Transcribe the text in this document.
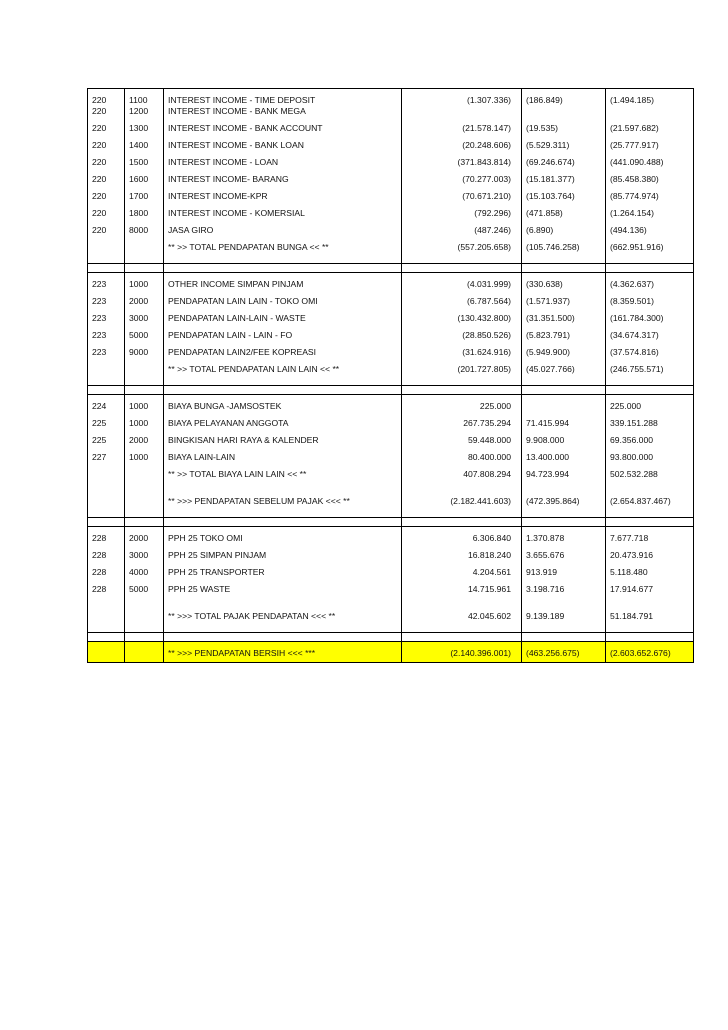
220	1100	INTEREST INCOME - TIME DEPOSIT	(1.307.336)	(186.849)	(1.494.185)
220	1200	INTEREST INCOME - BANK MEGA			
220	1300	INTEREST INCOME - BANK ACCOUNT	(21.578.147)	(19.535)	(21.597.682)
220	1400	INTEREST INCOME - BANK LOAN	(20.248.606)	(5.529.311)	(25.777.917)
220	1500	INTEREST INCOME - LOAN	(371.843.814)	(69.246.674)	(441.090.488)
220	1600	INTEREST INCOME- BARANG	(70.277.003)	(15.181.377)	(85.458.380)
220	1700	INTEREST INCOME-KPR	(70.671.210)	(15.103.764)	(85.774.974)
220	1800	INTEREST INCOME - KOMERSIAL	(792.296)	(471.858)	(1.264.154)
220	8000	JASA GIRO	(487.246)	(6.890)	(494.136)
		** >> TOTAL PENDAPATAN BUNGA << **	(557.205.658)	(105.746.258)	(662.951.916)

223	1000	OTHER INCOME SIMPAN PINJAM	(4.031.999)	(330.638)	(4.362.637)
223	2000	PENDAPATAN LAIN LAIN - TOKO OMI	(6.787.564)	(1.571.937)	(8.359.501)
223	3000	PENDAPATAN LAIN-LAIN - WASTE	(130.432.800)	(31.351.500)	(161.784.300)
223	5000	PENDAPATAN LAIN - LAIN - FO	(28.850.526)	(5.823.791)	(34.674.317)
223	9000	PENDAPATAN LAIN2/FEE KOPREASI	(31.624.916)	(5.949.900)	(37.574.816)
		** >> TOTAL PENDAPATAN LAIN LAIN << **	(201.727.805)	(45.027.766)	(246.755.571)

224	1000	BIAYA BUNGA -JAMSOSTEK	225.000		225.000
225	1000	BIAYA PELAYANAN ANGGOTA	267.735.294	71.415.994	339.151.288
225	2000	BINGKISAN HARI RAYA & KALENDER	59.448.000	9.908.000	69.356.000
227	1000	BIAYA LAIN-LAIN	80.400.000	13.400.000	93.800.000
		** >> TOTAL BIAYA LAIN LAIN << **	407.808.294	94.723.994	502.532.288

		** >>> PENDAPATAN SEBELUM PAJAK <<< **	(2.182.441.603)	(472.395.864)	(2.654.837.467)

228	2000	PPH 25 TOKO OMI	6.306.840	1.370.878	7.677.718
228	3000	PPH 25 SIMPAN PINJAM	16.818.240	3.655.676	20.473.916
228	4000	PPH 25 TRANSPORTER	4.204.561	913.919	5.118.480
228	5000	PPH 25 WASTE	14.715.961	3.198.716	17.914.677

		** >>> TOTAL PAJAK PENDAPATAN <<< **	42.045.602	9.139.189	51.184.791

		** >>> PENDAPATAN BERSIH <<< ***	(2.140.396.001)	(463.256.675)	(2.603.652.676)
